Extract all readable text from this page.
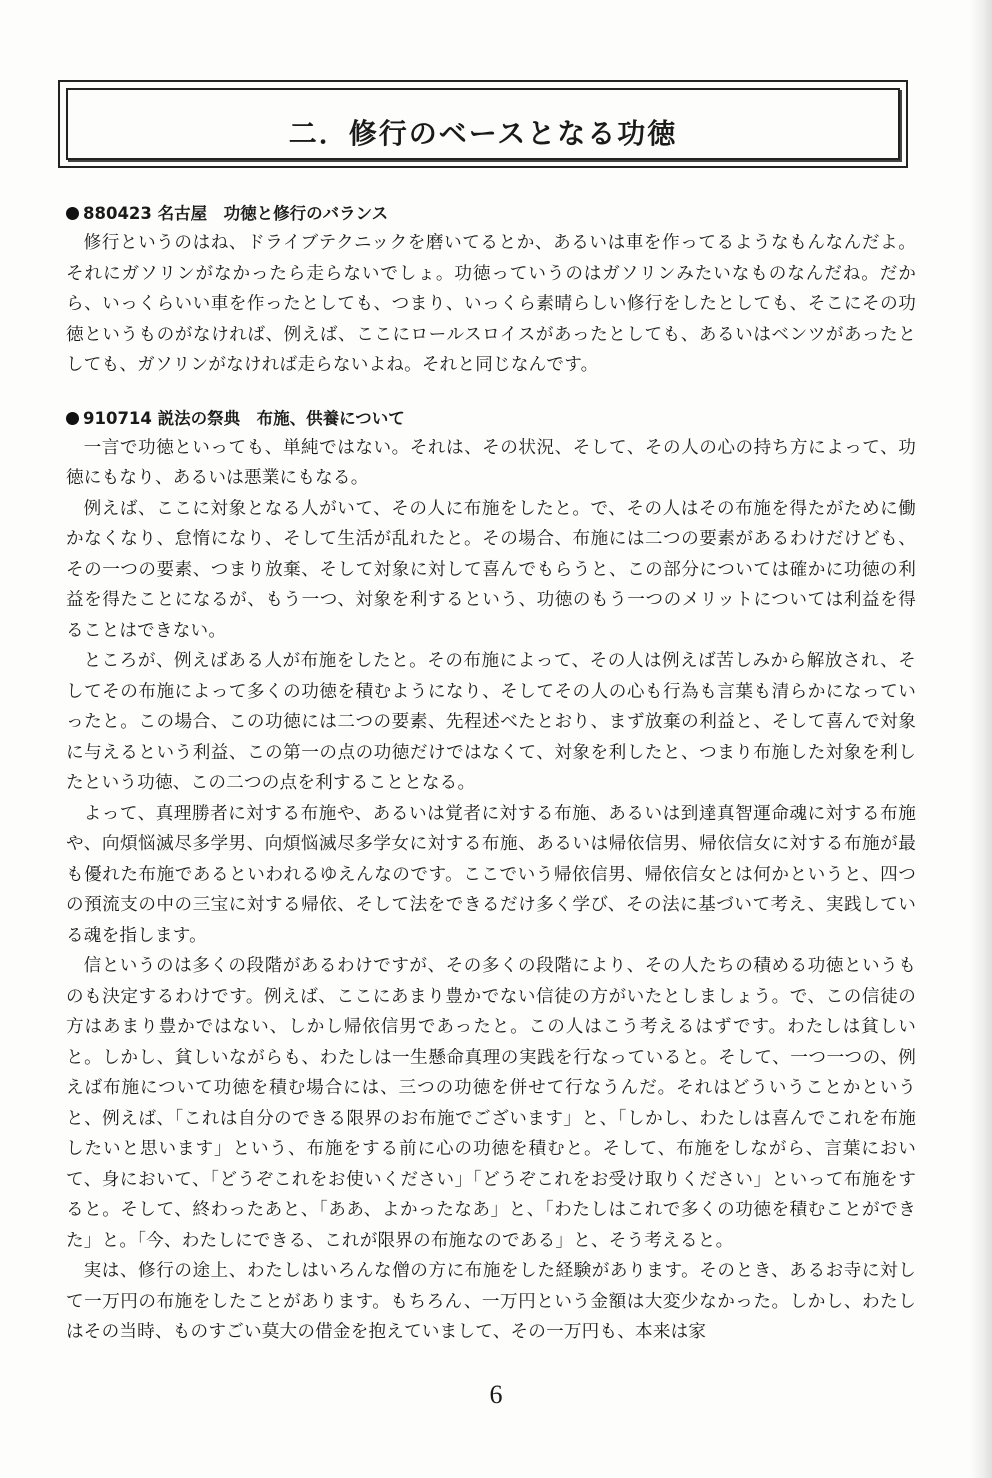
二．修行のベースとなる功徳

880423 名古屋　功徳と修行のバランス

修行というのはね、ドライブテクニックを磨いてるとか、あるいは車を作ってるようなもんなんだよ。それにガソリンがなかったら走らないでしょ。功徳っていうのはガソリンみたいなものなんだね。だから、いっくらいい車を作ったとしても、つまり、いっくら素晴らしい修行をしたとしても、そこにその功徳というものがなければ、例えば、ここにロールスロイスがあったとしても、あるいはベンツがあったとしても、ガソリンがなければ走らないよね。それと同じなんです。

910714 説法の祭典　布施、供養について

一言で功徳といっても、単純ではない。それは、その状況、そして、その人の心の持ち方によって、功徳にもなり、あるいは悪業にもなる。

例えば、ここに対象となる人がいて、その人に布施をしたと。で、その人はその布施を得たがために働かなくなり、怠惰になり、そして生活が乱れたと。その場合、布施には二つの要素があるわけだけども、その一つの要素、つまり放棄、そして対象に対して喜んでもらうと、この部分については確かに功徳の利益を得たことになるが、もう一つ、対象を利するという、功徳のもう一つのメリットについては利益を得ることはできない。

ところが、例えばある人が布施をしたと。その布施によって、その人は例えば苦しみから解放され、そしてその布施によって多くの功徳を積むようになり、そしてその人の心も行為も言葉も清らかになっていったと。この場合、この功徳には二つの要素、先程述べたとおり、まず放棄の利益と、そして喜んで対象に与えるという利益、この第一の点の功徳だけではなくて、対象を利したと、つまり布施した対象を利したという功徳、この二つの点を利することとなる。

よって、真理勝者に対する布施や、あるいは覚者に対する布施、あるいは到達真智運命魂に対する布施や、向煩悩滅尽多学男、向煩悩滅尽多学女に対する布施、あるいは帰依信男、帰依信女に対する布施が最も優れた布施であるといわれるゆえんなのです。ここでいう帰依信男、帰依信女とは何かというと、四つの預流支の中の三宝に対する帰依、そして法をできるだけ多く学び、その法に基づいて考え、実践している魂を指します。

信というのは多くの段階があるわけですが、その多くの段階により、その人たちの積める功徳というものも決定するわけです。例えば、ここにあまり豊かでない信徒の方がいたとしましょう。で、この信徒の方はあまり豊かではない、しかし帰依信男であったと。この人はこう考えるはずです。わたしは貧しいと。しかし、貧しいながらも、わたしは一生懸命真理の実践を行なっていると。そして、一つ一つの、例えば布施について功徳を積む場合には、三つの功徳を併せて行なうんだ。それはどういうことかというと、例えば、「これは自分のできる限界のお布施でございます」と、「しかし、わたしは喜んでこれを布施したいと思います」という、布施をする前に心の功徳を積むと。そして、布施をしながら、言葉において、身において、「どうぞこれをお使いください」「どうぞこれをお受け取りください」といって布施をすると。そして、終わったあと、「ああ、よかったなあ」と、「わたしはこれで多くの功徳を積むことができた」と。「今、わたしにできる、これが限界の布施なのである」と、そう考えると。

実は、修行の途上、わたしはいろんな僧の方に布施をした経験があります。そのとき、あるお寺に対して一万円の布施をしたことがあります。もちろん、一万円という金額は大変少なかった。しかし、わたしはその当時、ものすごい莫大の借金を抱えていまして、その一万円も、本来は家

6
